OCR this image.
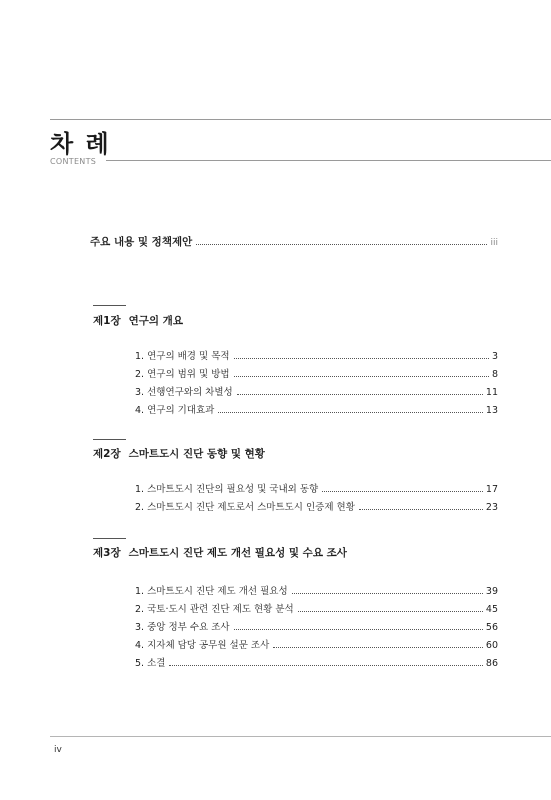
차 례
CONTENTS
주요 내용 및 정책제안	iii
제1장 연구의 개요
1. 연구의 배경 및 목적	3
2. 연구의 범위 및 방법	8
3. 선행연구와의 차별성	11
4. 연구의 기대효과	13
제2장 스마트도시 진단 동향 및 현황
1. 스마트도시 진단의 필요성 및 국내외 동향	17
2. 스마트도시 진단 제도로서 스마트도시 인증제 현황	23
제3장 스마트도시 진단 제도 개선 필요성 및 수요 조사
1. 스마트도시 진단 제도 개선 필요성	39
2. 국토·도시 관련 진단 제도 현황 분석	45
3. 중앙 정부 수요 조사	56
4. 지자체 담당 공무원 설문 조사	60
5. 소결	86
iv
